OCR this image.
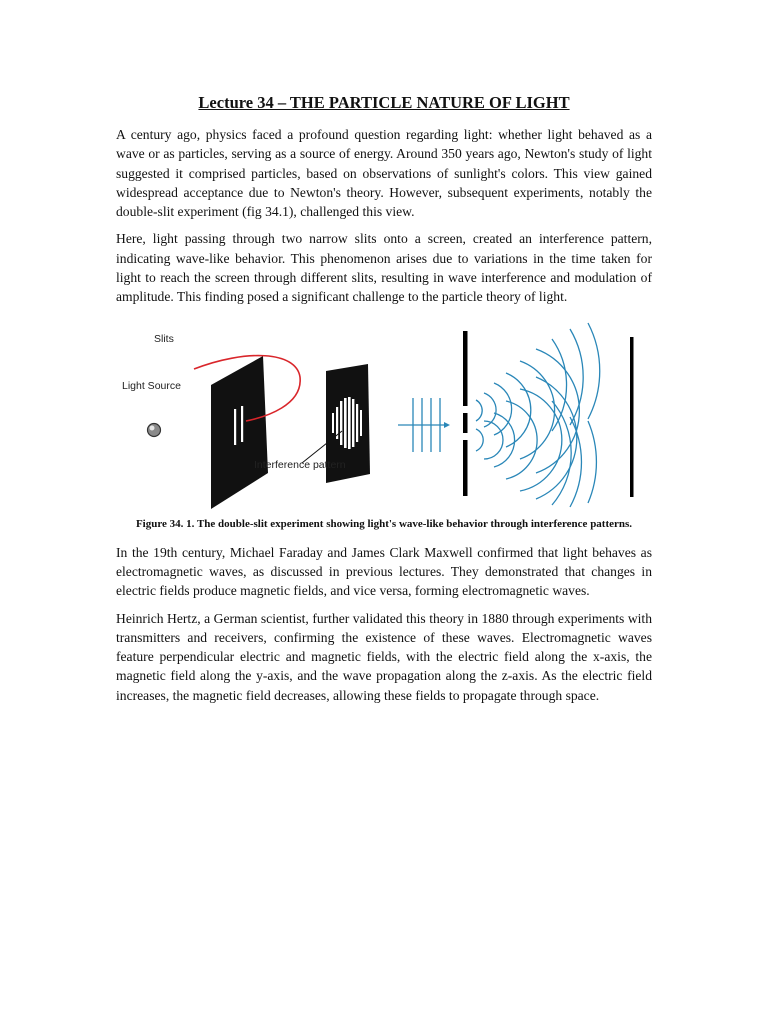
Lecture 34 – THE PARTICLE NATURE OF LIGHT

A century ago, physics faced a profound question regarding light: whether light behaved as a wave or as particles, serving as a source of energy. Around 350 years ago, Newton's study of light suggested it comprised particles, based on observations of sunlight's colors. This view gained widespread acceptance due to Newton's theory. However, subsequent experiments, notably the double-slit experiment (fig 34.1), challenged this view.

Here, light passing through two narrow slits onto a screen, created an interference pattern, indicating wave-like behavior. This phenomenon arises due to variations in the time taken for light to reach the screen through different slits, resulting in wave interference and modulation of amplitude. This finding posed a significant challenge to the particle theory of light.

Slits
Light Source
Interference pattern

Figure 34. 1. The double-slit experiment showing light's wave-like behavior through interference patterns.

In the 19th century, Michael Faraday and James Clark Maxwell confirmed that light behaves as electromagnetic waves, as discussed in previous lectures. They demonstrated that changes in electric fields produce magnetic fields, and vice versa, forming electromagnetic waves.

Heinrich Hertz, a German scientist, further validated this theory in 1880 through experiments with transmitters and receivers, confirming the existence of these waves. Electromagnetic waves feature perpendicular electric and magnetic fields, with the electric field along the x-axis, the magnetic field along the y-axis, and the wave propagation along the z-axis. As the electric field increases, the magnetic field decreases, allowing these fields to propagate through space.
